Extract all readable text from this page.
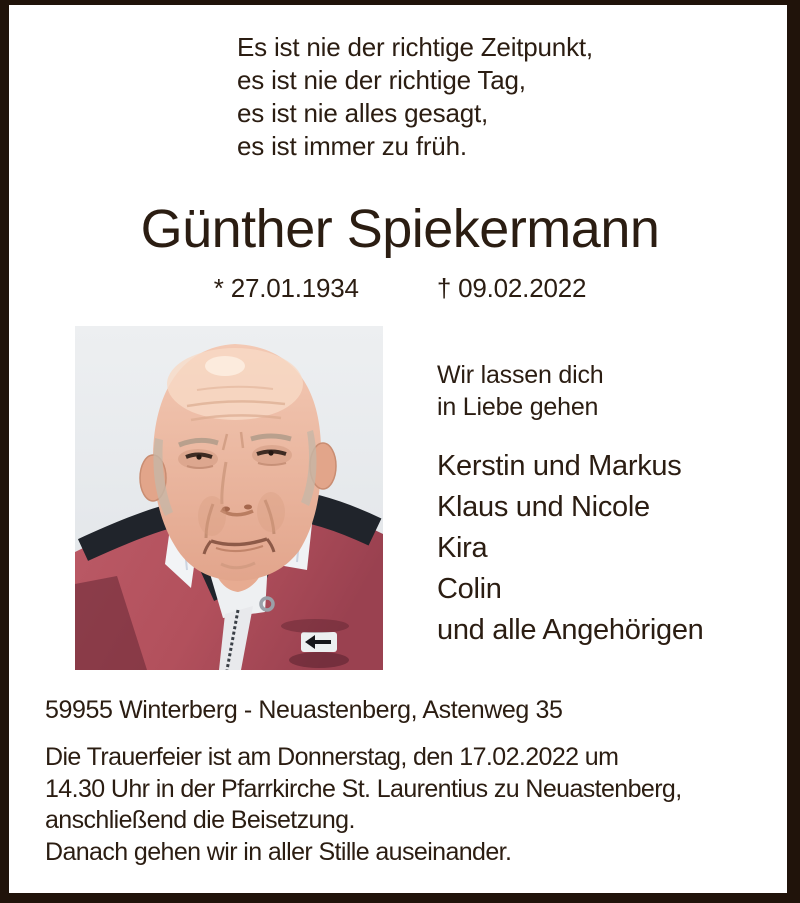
Es ist nie der richtige Zeitpunkt,
es ist nie der richtige Tag,
es ist nie alles gesagt,
es ist immer zu früh.
Günther Spiekermann
* 27.01.1934	† 09.02.2022
Wir lassen dich
in Liebe gehen
Kerstin und Markus
Klaus und Nicole
Kira
Colin
und alle Angehörigen
59955 Winterberg - Neuastenberg, Astenweg 35
Die Trauerfeier ist am Donnerstag, den 17.02.2022 um
14.30 Uhr in der Pfarrkirche St. Laurentius zu Neuastenberg,
anschließend die Beisetzung.
Danach gehen wir in aller Stille auseinander.
